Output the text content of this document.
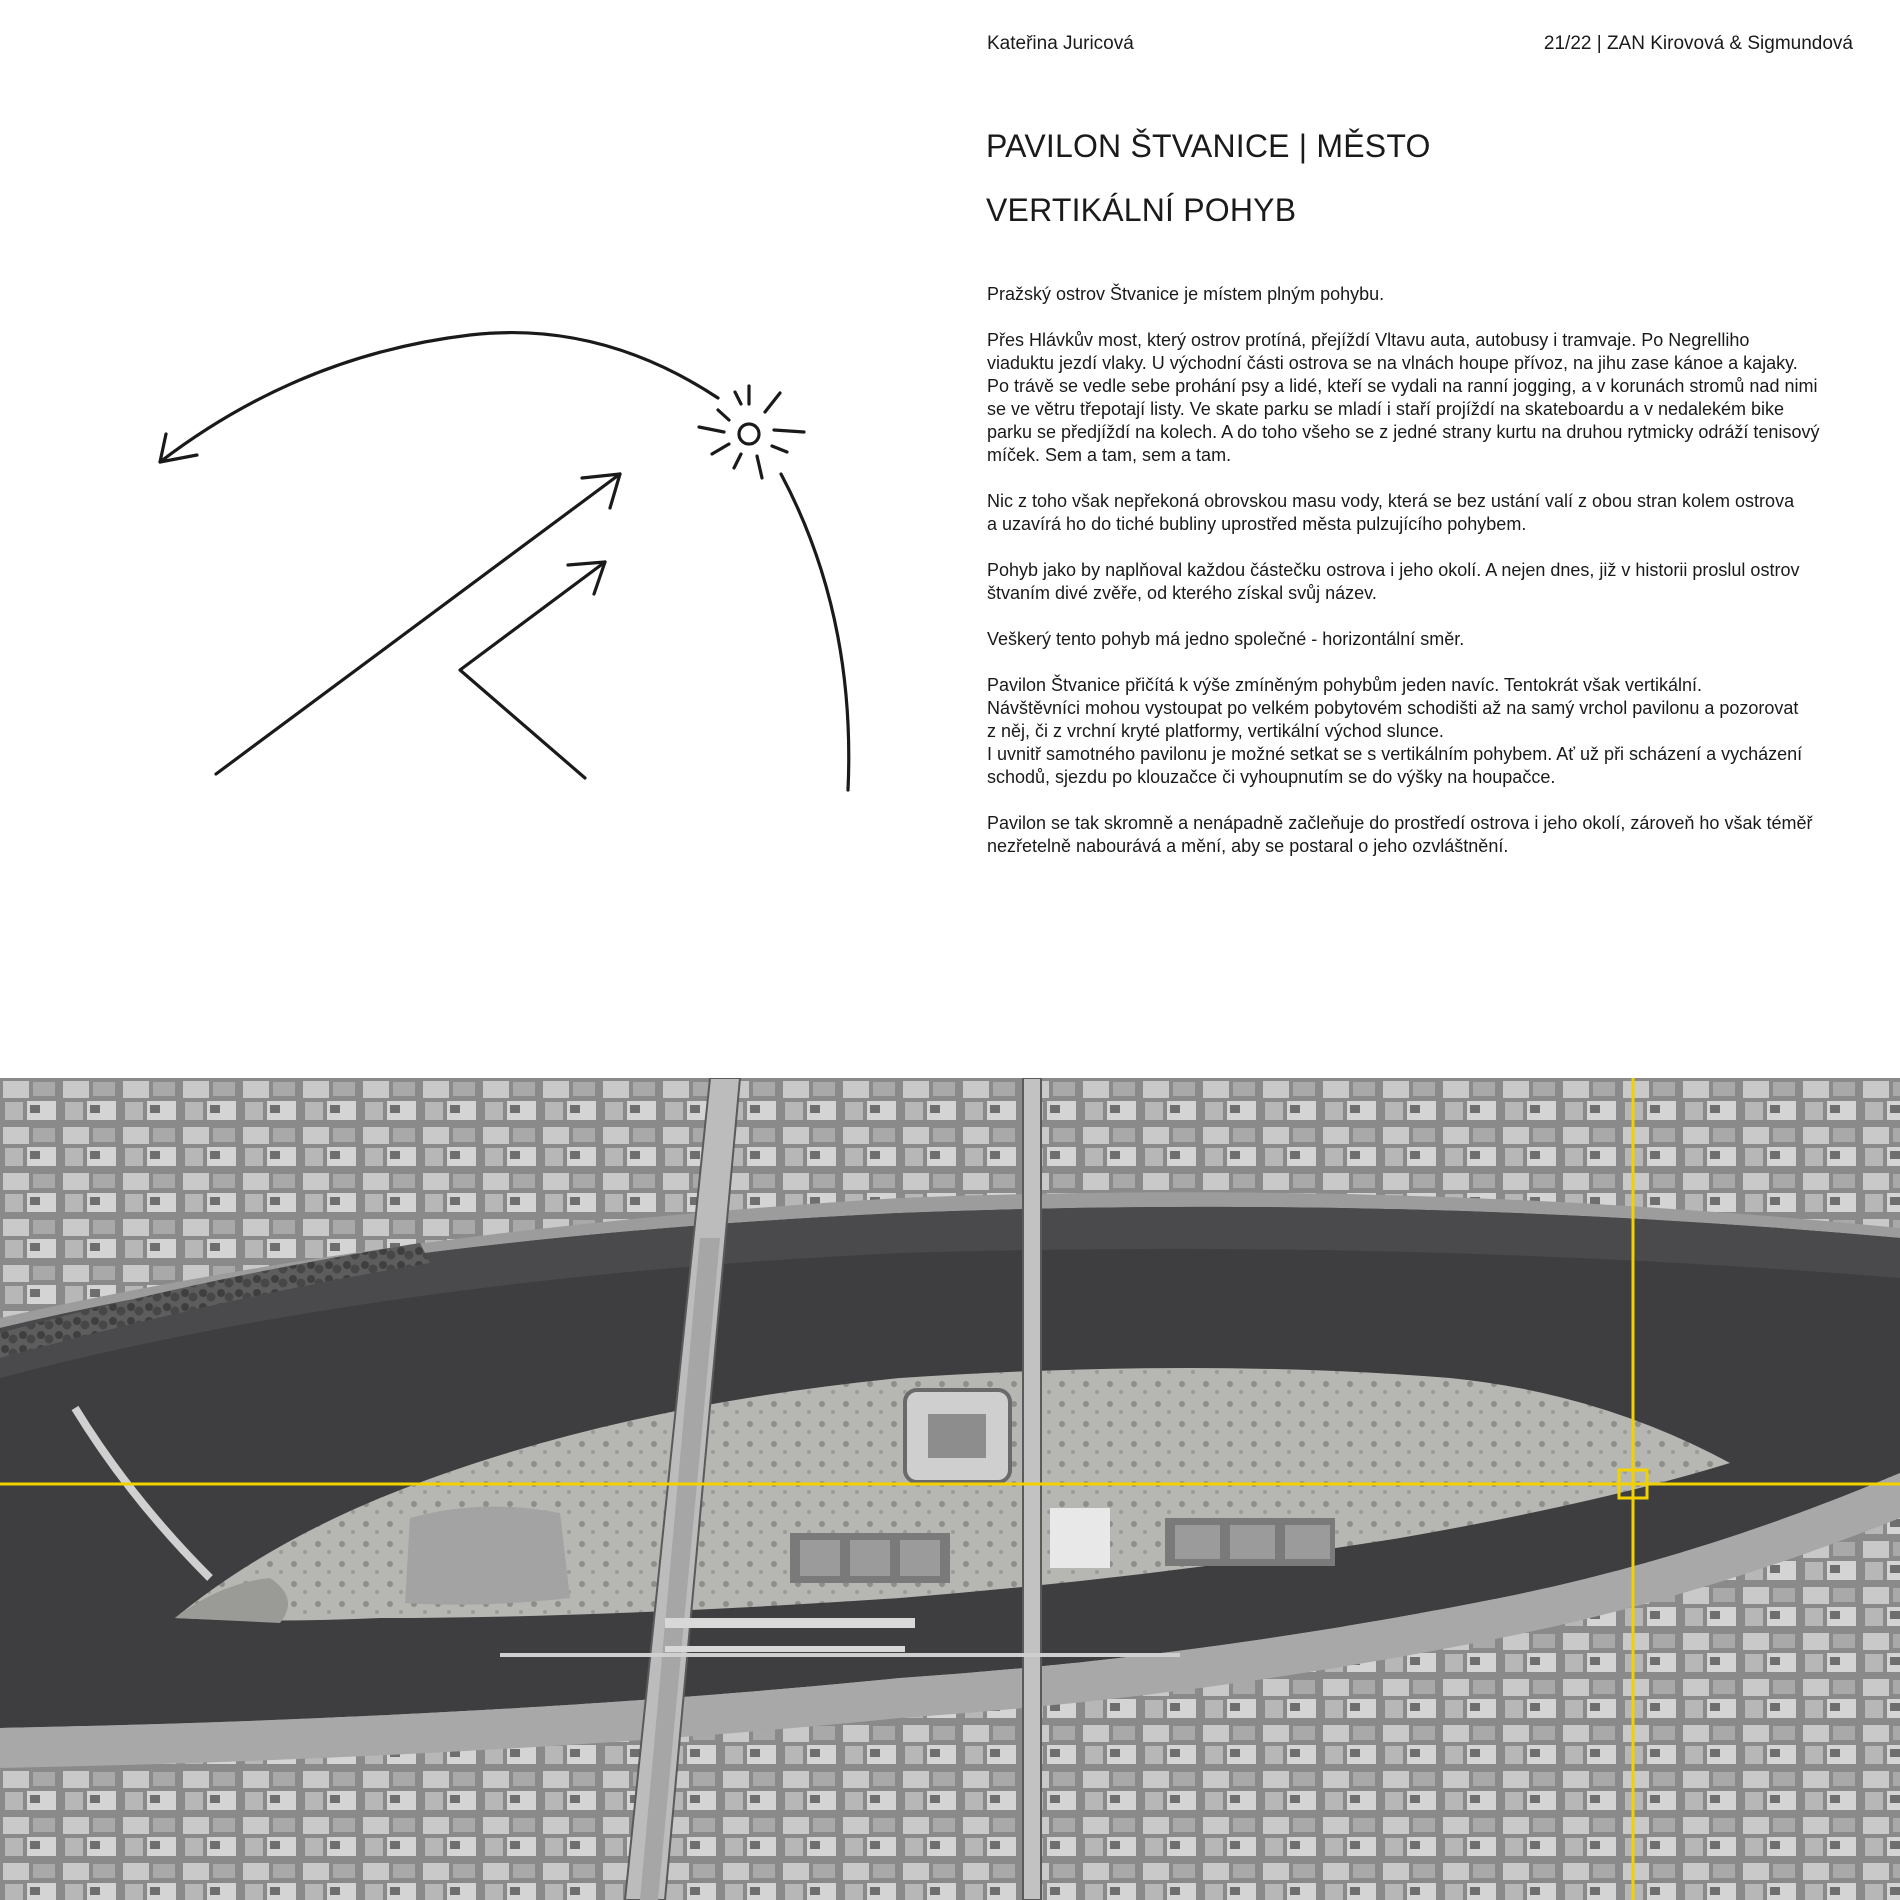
Kateřina Juricová	21/22 | ZAN Kirovová & Sigmundová
PAVILON ŠTVANICE | MĚSTO
VERTIKÁLNÍ POHYB

Pražský ostrov Štvanice je místem plným pohybu.

Přes Hlávkův most, který ostrov protíná, přejíždí Vltavu auta, autobusy i tramvaje. Po Negrelliho
viaduktu jezdí vlaky. U východní části ostrova se na vlnách houpe přívoz, na jihu zase kánoe a kajaky.
Po trávě se vedle sebe prohání psy a lidé, kteří se vydali na ranní jogging, a v korunách stromů nad nimi
se ve větru třepotají listy. Ve skate parku se mladí i staří projíždí na skateboardu a v nedalekém bike
parku se předjíždí na kolech. A do toho všeho se z jedné strany kurtu na druhou rytmicky odráží tenisový
míček. Sem a tam, sem a tam.

Nic z toho však nepřekoná obrovskou masu vody, která se bez ustání valí z obou stran kolem ostrova
a uzavírá ho do tiché bubliny uprostřed města pulzujícího pohybem.

Pohyb jako by naplňoval každou částečku ostrova i jeho okolí. A nejen dnes, již v historii proslul ostrov
štvaním divé zvěře, od kterého získal svůj název.

Veškerý tento pohyb má jedno společné - horizontální směr.

Pavilon Štvanice přičítá k výše zmíněným pohybům jeden navíc. Tentokrát však vertikální.
Návštěvníci mohou vystoupat po velkém pobytovém schodišti až na samý vrchol pavilonu a pozorovat
z něj, či z vrchní kryté platformy, vertikální východ slunce.
I uvnitř samotného pavilonu je možné setkat se s vertikálním pohybem. Ať už při scházení a vycházení
schodů, sjezdu po klouzačce či vyhoupnutím se do výšky na houpačce.

Pavilon se tak skromně a nenápadně začleňuje do prostředí ostrova i jeho okolí, zároveň ho však téměř
nezřetelně nabourává a mění, aby se postaral o jeho ozvláštnění.
